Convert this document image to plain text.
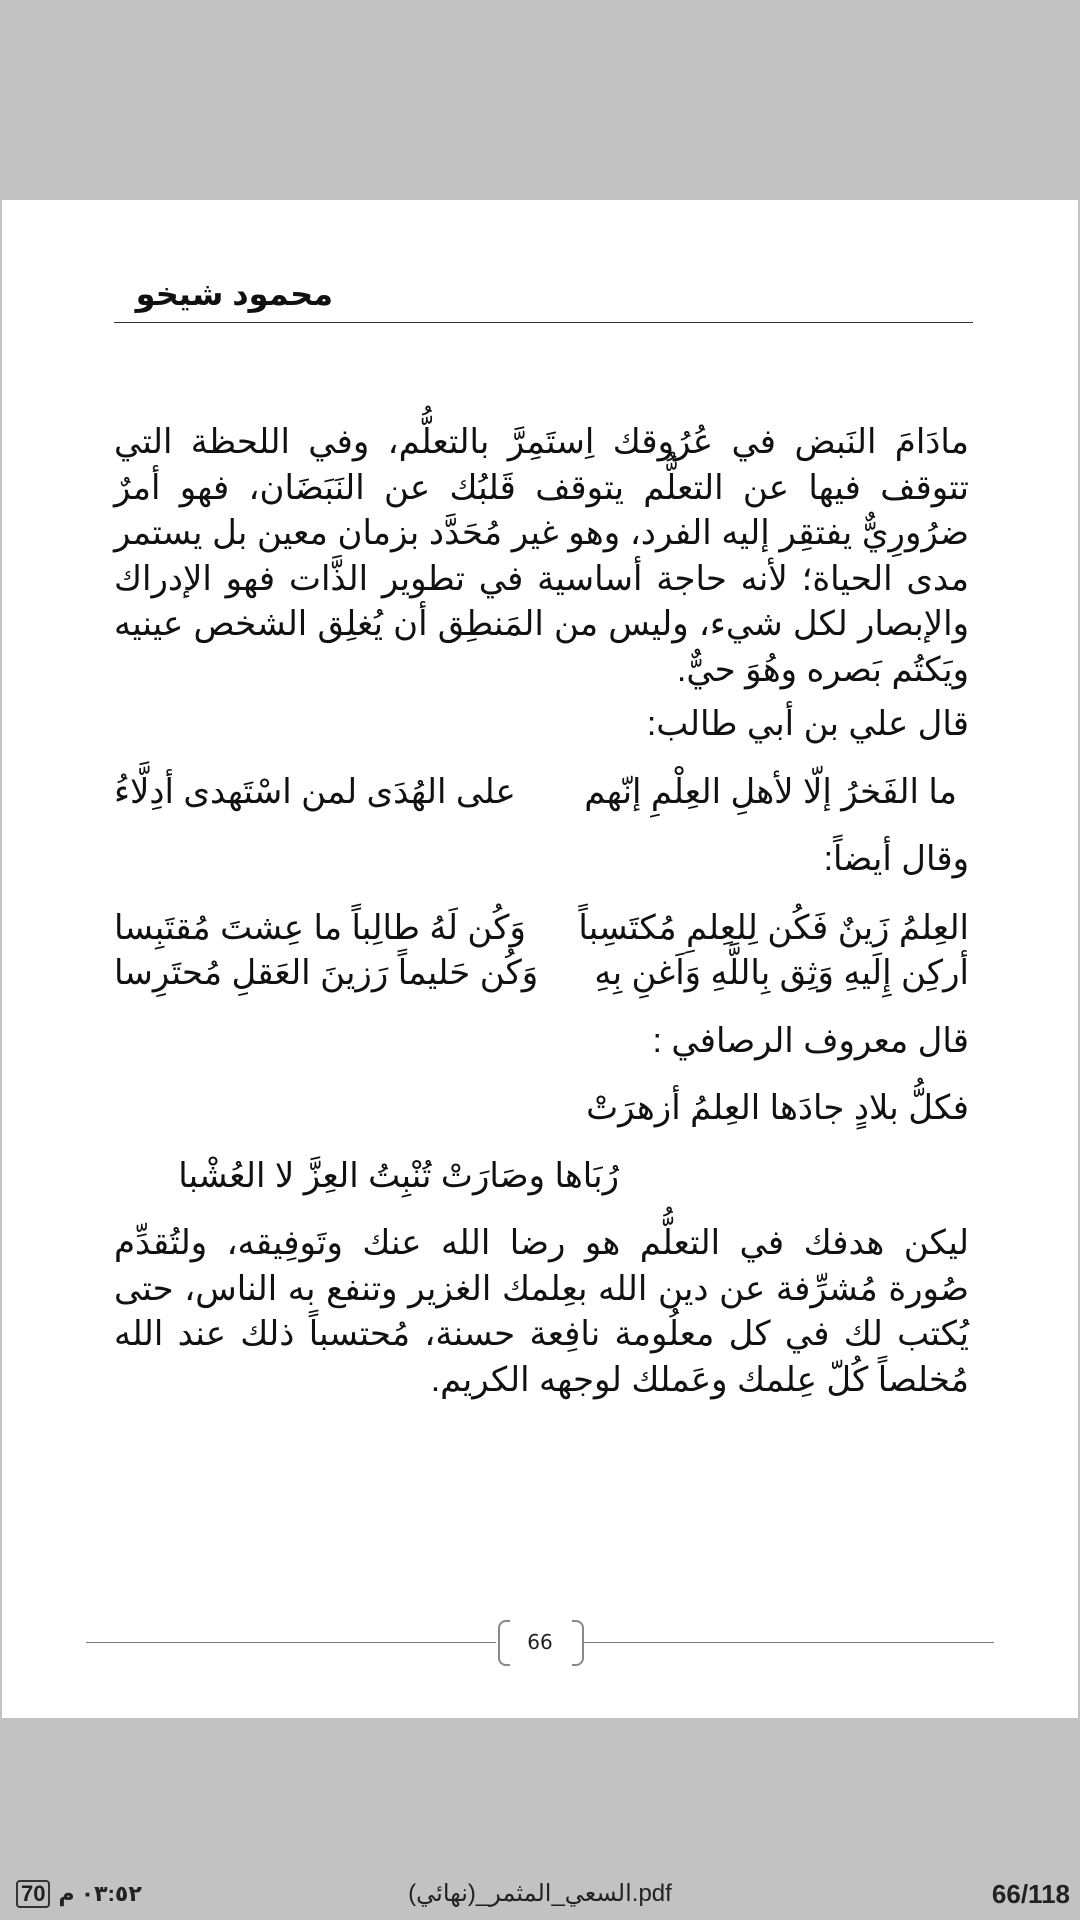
محمود شيخو

مادَامَ النَبض في عُرُوقك اِستَمِرَّ بالتعلُّم، وفي اللحظة التي تتوقف فيها عن التعلُّم يتوقف قَلبُك عن النَبَضَان، فهو أمرٌ ضرُورِيٌّ يفتقِر إليه الفرد، وهو غير مُحَدَّد بزمان معين بل يستمر مدى الحياة؛ لأنه حاجة أساسية في تطوير الذَّات فهو الإدراك والإبصار لكل شيء، وليس من المَنطِق أن يُغلِق الشخص عينيه ويَكتُم بَصره وهُوَ حيٌّ.

قال علي بن أبي طالب:

ما الفَخرُ إلّا لأهلِ العِلْمِ إنّهم
على الهُدَى لمن اسْتَهدى أدِلَّاءُ

وقال أيضاً:

العِلمُ زَينٌ فَكُن لِلعِلمِ مُكتَسِباً
وَكُن لَهُ طالِباً ما عِشتَ مُقتَبِسا
أركِن إِلَيهِ وَثِق بِاللَّهِ وَاَغنِ بِهِ
وَكُن حَليماً رَزينَ العَقلِ مُحتَرِسا

قال معروف الرصافي :

فكلُّ بلادٍ جادَها العِلمُ أزهرَتْ

رُبَاها وصَارَتْ تُنْبِتُ العِزَّ لا العُشْبا

ليكن هدفك في التعلُّم هو رضا الله عنك وتَوفِيقه، ولتُقدِّم صُورة مُشرِّفة عن دين الله بعِلمك الغزير وتنفع به الناس، حتى يُكتب لك في كل معلُومة نافِعة حسنة، مُحتسباً ذلك عند الله مُخلصاً كُلّ عِلمك وعَملك لوجهه الكريم.

66
السعي_المثمر_(نهائي).pdf
70 ٠٣:٥٢ م	66/118
